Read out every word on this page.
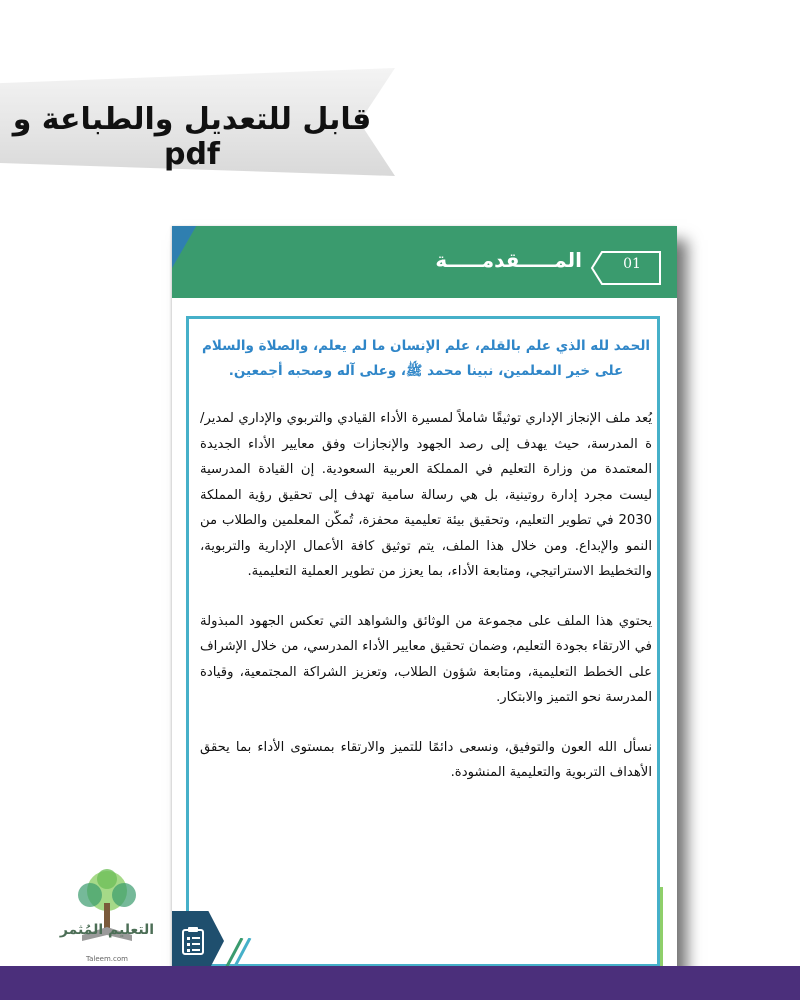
قابل للتعديل والطباعة و pdf
01
المـــــقدمـــــة

الحمد لله الذي علم بالقلم، علم الإنسان ما لم يعلم، والصلاة والسلام على خير المعلمين، نبينا محمد ﷺ، وعلى آله وصحبه أجمعين.

يُعد ملف الإنجاز الإداري توثيقًا شاملاً لمسيرة الأداء القيادي والتربوي والإداري لمدير/ة المدرسة، حيث يهدف إلى رصد الجهود والإنجازات وفق معايير الأداء الجديدة المعتمدة من وزارة التعليم في المملكة العربية السعودية. إن القيادة المدرسية ليست مجرد إدارة روتينية، بل هي رسالة سامية تهدف إلى تحقيق رؤية المملكة 2030 في تطوير التعليم، وتحقيق بيئة تعليمية محفزة، تُمكّن المعلمين والطلاب من النمو والإبداع. ومن خلال هذا الملف، يتم توثيق كافة الأعمال الإدارية والتربوية، والتخطيط الاستراتيجي، ومتابعة الأداء، بما يعزز من تطوير العملية التعليمية.

يحتوي هذا الملف على مجموعة من الوثائق والشواهد التي تعكس الجهود المبذولة في الارتقاء بجودة التعليم، وضمان تحقيق معايير الأداء المدرسي، من خلال الإشراف على الخطط التعليمية، ومتابعة شؤون الطلاب، وتعزيز الشراكة المجتمعية، وقيادة المدرسة نحو التميز والابتكار.

نسأل الله العون والتوفيق، ونسعى دائمًا للتميز والارتقاء بمستوى الأداء بما يحقق الأهداف التربوية والتعليمية المنشودة.

التعليم المُثمر
Taleem.com
